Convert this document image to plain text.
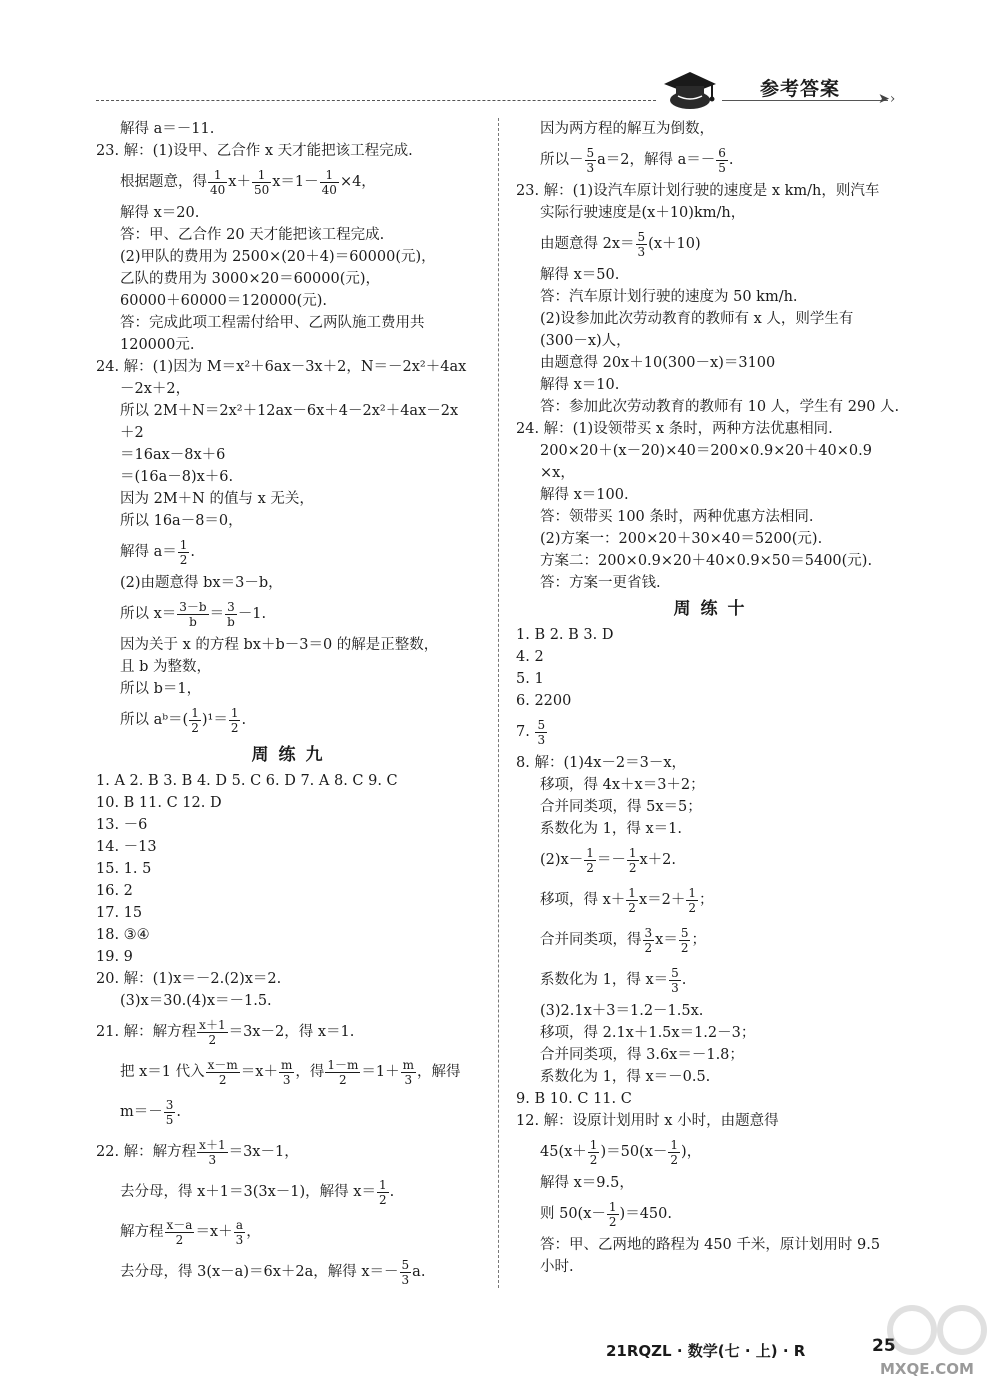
参考答案	➤›
解得 a＝－11.
23. 解：(1)设甲、乙合作 x 天才能把该工程完成.
根据题意，得 $\frac{1}{40} x+ \frac{1}{50} x=1- \frac{1}{40} \times 4$，
解得 x＝20.
答：甲、乙合作 20 天才能把该工程完成.
(2)甲队的费用为 2500×(20＋4)＝60000(元)，
乙队的费用为 3000×20＝60000(元)，
60000＋60000＝120000(元).
答：完成此项工程需付给甲、乙两队施工费用共
120000元.
24. 解：(1)因为 M＝x²＋6ax－3x＋2，N＝－2x²＋4ax
－2x＋2，
所以 2M＋N＝2x²＋12ax－6x＋4－2x²＋4ax－2x
＋2
＝16ax－8x＋6
＝(16a－8)x＋6.
因为 2M＋N 的值与 x 无关，
所以 16a－8＝0，
解得 $a= \frac{1}{2}$ .
(2)由题意得 bx＝3－b，
所以 $x= \frac{3-b}{b} = \frac{3}{b} -1$.
因为关于 x 的方程 bx＋b－3＝0 的解是正整数，
且 b 为整数，
所以 b＝1，
所以 aᵇ＝( $\frac{1}{2} )^1= \frac{1}{2}$ .
周练九
1. A 2. B 3. B 4. D 5. C 6. D 7. A 8. C 9. C
10. B 11. C 12. D
13. －6
14. －13
15. 1. 5
16. 2
17. 15
18. ③④
19. 9
20. 解：(1)x＝－2.(2)x＝2.
(3)x＝30.(4)x＝－1.5.
21. 解：解方程 $\frac{x+1}{2} =3x-2$，得 x＝1.
把 x＝1 代入 $\frac{x-m}{2} =x+ \frac{m}{3}$ ，得 $\frac{1-m}{2} =1+ \frac{m}{3}$ ，解得
$m=- \frac{3}{5}$ .
22. 解：解方程 $\frac{x+1}{3} =3x-1$，
去分母，得 x＋1＝3(3x－1)，解得 $x= \frac{1}{2}$ .
解方程 $\frac{x-a}{2} =x+ \frac{a}{3}$ ，
去分母，得 3(x－a)＝6x＋2a，解得 $x=- \frac{5}{3} a$.
因为两方程的解互为倒数，
所以－ $\frac{5}{3} a=2$，解得 $a=- \frac{6}{5}$ .
23. 解：(1)设汽车原计划行驶的速度是 x km/h，则汽车
实际行驶速度是(x＋10)km/h，
由题意得 $2x= \frac{5}{3} (x+10)$
解得 x＝50.
答：汽车原计划行驶的速度为 50 km/h.
(2)设参加此次劳动教育的教师有 x 人，则学生有
(300－x)人，
由题意得 20x＋10(300－x)＝3100
解得 x＝10.
答：参加此次劳动教育的教师有 10 人，学生有 290 人.
24. 解：(1)设领带买 x 条时，两种方法优惠相同.
200×20＋(x－20)×40＝200×0.9×20＋40×0.9
×x，
解得 x＝100.
答：领带买 100 条时，两种优惠方法相同.
(2)方案一：200×20＋30×40＝5200(元).
方案二：200×0.9×20＋40×0.9×50＝5400(元).
答：方案一更省钱.
周练十
1. B 2. B 3. D
4. 2
5. 1
6. 2200
7. $\frac{5}{3}$
8. 解：(1)4x－2＝3－x，
移项，得 4x＋x＝3＋2；
合并同类项，得 5x＝5；
系数化为 1，得 x＝1.
$(2)x- \frac{1}{2} =- \frac{1}{2} x+2$.
移项，得 $x+ \frac{1}{2} x=2+ \frac{1}{2}$ ；
合并同类项，得 $\frac{3}{2} x= \frac{5}{2}$ ；
系数化为 1，得 $x= \frac{5}{3}$ .
(3)2.1x＋3＝1.2－1.5x.
移项，得 2.1x＋1.5x＝1.2－3；
合并同类项，得 3.6x＝－1.8；
系数化为 1，得 x＝－0.5.
9. B 10. C 11. C
12. 解：设原计划用时 x 小时，由题意得
$45(x+ \frac{1}{2} )=50(x- \frac{1}{2}$ )，
解得 x＝9.5，
则 $50(x- \frac{1}{2} )=450$.
答：甲、乙两地的路程为 450 千米，原计划用时 9.5
小时.
21RQZL · 数学(七 · 上) · R	25
MXQE.COM
